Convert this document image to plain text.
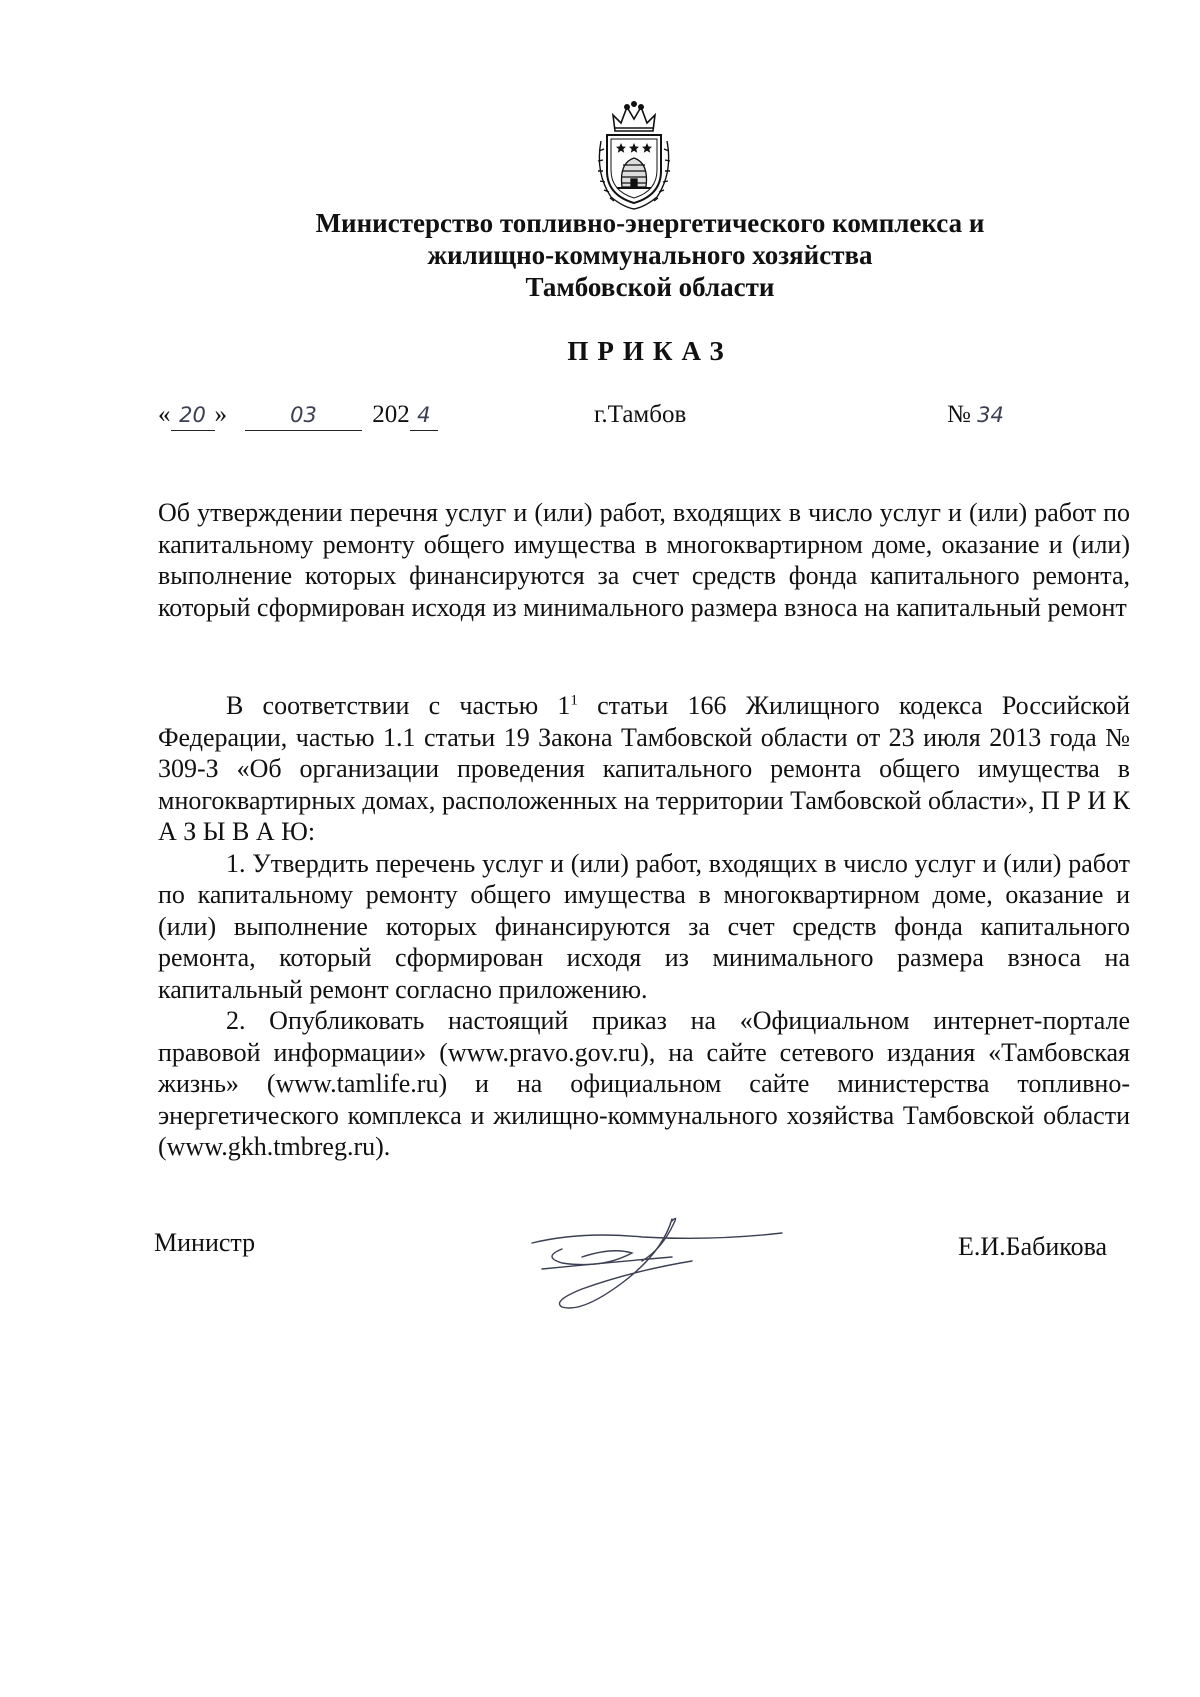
Министерство топливно-энергетического комплекса и
жилищно-коммунального хозяйства
Тамбовской области
ПРИКАЗ
« 20 »	03 202 4	г.Тамбов	№ 34
Об утверждении перечня услуг и (или) работ, входящих в число услуг и (или) работ по капитальному ремонту общего имущества в многоквартирном доме, оказание и (или) выполнение которых финансируются за счет средств фонда капитального ремонта, который сформирован исходя из минимального размера взноса на капитальный ремонт

В соответствии с частью $1^1$ статьи 166 Жилищного кодекса Российской Федерации, частью 1.1 статьи 19 Закона Тамбовской области от 23 июля 2013 года № 309-З «Об организации проведения капитального ремонта общего имущества в многоквартирных домах, расположенных на территории Тамбовской области», П Р И К А З Ы В А Ю:

1. Утвердить перечень услуг и (или) работ, входящих в число услуг и (или) работ по капитальному ремонту общего имущества в многоквартирном доме, оказание и (или) выполнение которых финансируются за счет средств фонда капитального ремонта, который сформирован исходя из минимального размера взноса на капитальный ремонт согласно приложению.

2. Опубликовать настоящий приказ на «Официальном интернет-портале правовой информации» (www.pravo.gov.ru), на сайте сетевого издания «Тамбовская жизнь» (www.tamlife.ru) и на официальном сайте министерства топливно-энергетического комплекса и жилищно-коммунального хозяйства Тамбовской области (www.gkh.tmbreg.ru).

Министр	Е.И.Бабикова
